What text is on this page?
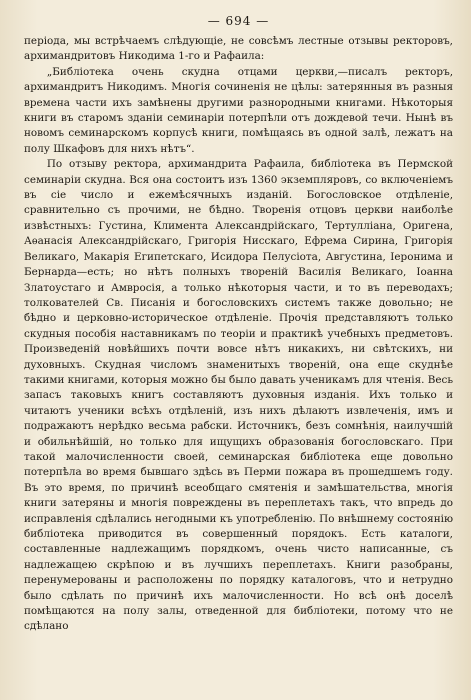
— 694 —

періода, мы встрѣчаемъ слѣдующіе, не совсѣмъ лестные отзывы ректоровъ, архимандритовъ Никодима 1-го и Рафаила:

„Библіотека очень скудна отцами церкви,—писалъ ректоръ, архимандритъ Никодимъ. Многія сочиненія не цѣлы: затерянныя въ разныя времена части ихъ замѣнены другими разнородными книгами. Нѣкоторыя книги въ старомъ зданіи семинаріи потерпѣли отъ дождевой течи. Нынѣ въ новомъ семинарскомъ корпусѣ книги, помѣщаясь въ одной залѣ, лежатъ на полу Шкафовъ для нихъ нѣтъ“.

По отзыву ректора, архимандрита Рафаила, библіотека въ Пермской семинаріи скудна. Вся она состоитъ изъ 1360 экземпляровъ, со включеніемъ въ сіе число и ежемѣсячныхъ изданій. Богословское отдѣленіе, сравнительно съ прочими, не бѣдно. Творенія отцовъ церкви наиболѣе извѣстныхъ: Густина, Климента Александрійскаго, Тертулліана, Оригена, Аѳанасія Александрійскаго, Григорія Нисскаго, Ефрема Сирина, Григорія Великаго, Макарія Египетскаго, Исидора Пелусіота, Августина, Іеронима и Бернарда—есть; но нѣтъ полныхъ твореній Василія Великаго, Іоанна Златоустаго и Амвросія, а только нѣкоторыя части, и то въ переводахъ; толкователей Св. Писанія и богословскихъ системъ также довольно; не бѣдно и церковно-историческое отдѣленіе. Прочія представляютъ только скудныя пособія наставникамъ по теоріи и практикѣ учебныхъ предметовъ. Произведеній новѣйшихъ почти вовсе нѣтъ никакихъ, ни свѣтскихъ, ни духовныхъ. Скудная числомъ знаменитыхъ твореній, она еще скуднѣе такими книгами, которыя можно бы было давать ученикамъ для чтенія. Весь запасъ таковыхъ книгъ составляютъ духовныя изданія. Ихъ только и читаютъ ученики всѣхъ отдѣленій, изъ нихъ дѣлаютъ извлеченія, имъ и подражаютъ нерѣдко весьма рабски. Источникъ, безъ сомнѣнія, наилучшій и обильнѣйшій, но только для ищущихъ образованія богословскаго. При такой малочисленности своей, семинарская библіотека еще довольно потерпѣла во время бывшаго здѣсь въ Перми пожара въ прошедшемъ году. Въ это время, по причинѣ всеобщаго смятенія и замѣшательства, многія книги затеряны и многія повреждены въ переплетахъ такъ, что впредь до исправленія сдѣлались негодными къ употребленію. По внѣшнему состоянію библіотека приводится въ совершенный порядокъ. Есть каталоги, составленные надлежащимъ порядкомъ, очень чисто написанные, съ надлежащею скрѣпою и въ лучшихъ переплетахъ. Книги разобраны, перенумерованы и расположены по порядку каталоговъ, что и нетрудно было сдѣлать по причинѣ ихъ малочисленности. Но всѣ онѣ доселѣ помѣщаются на полу залы, отведенной для библіотеки, потому что не сдѣлано
